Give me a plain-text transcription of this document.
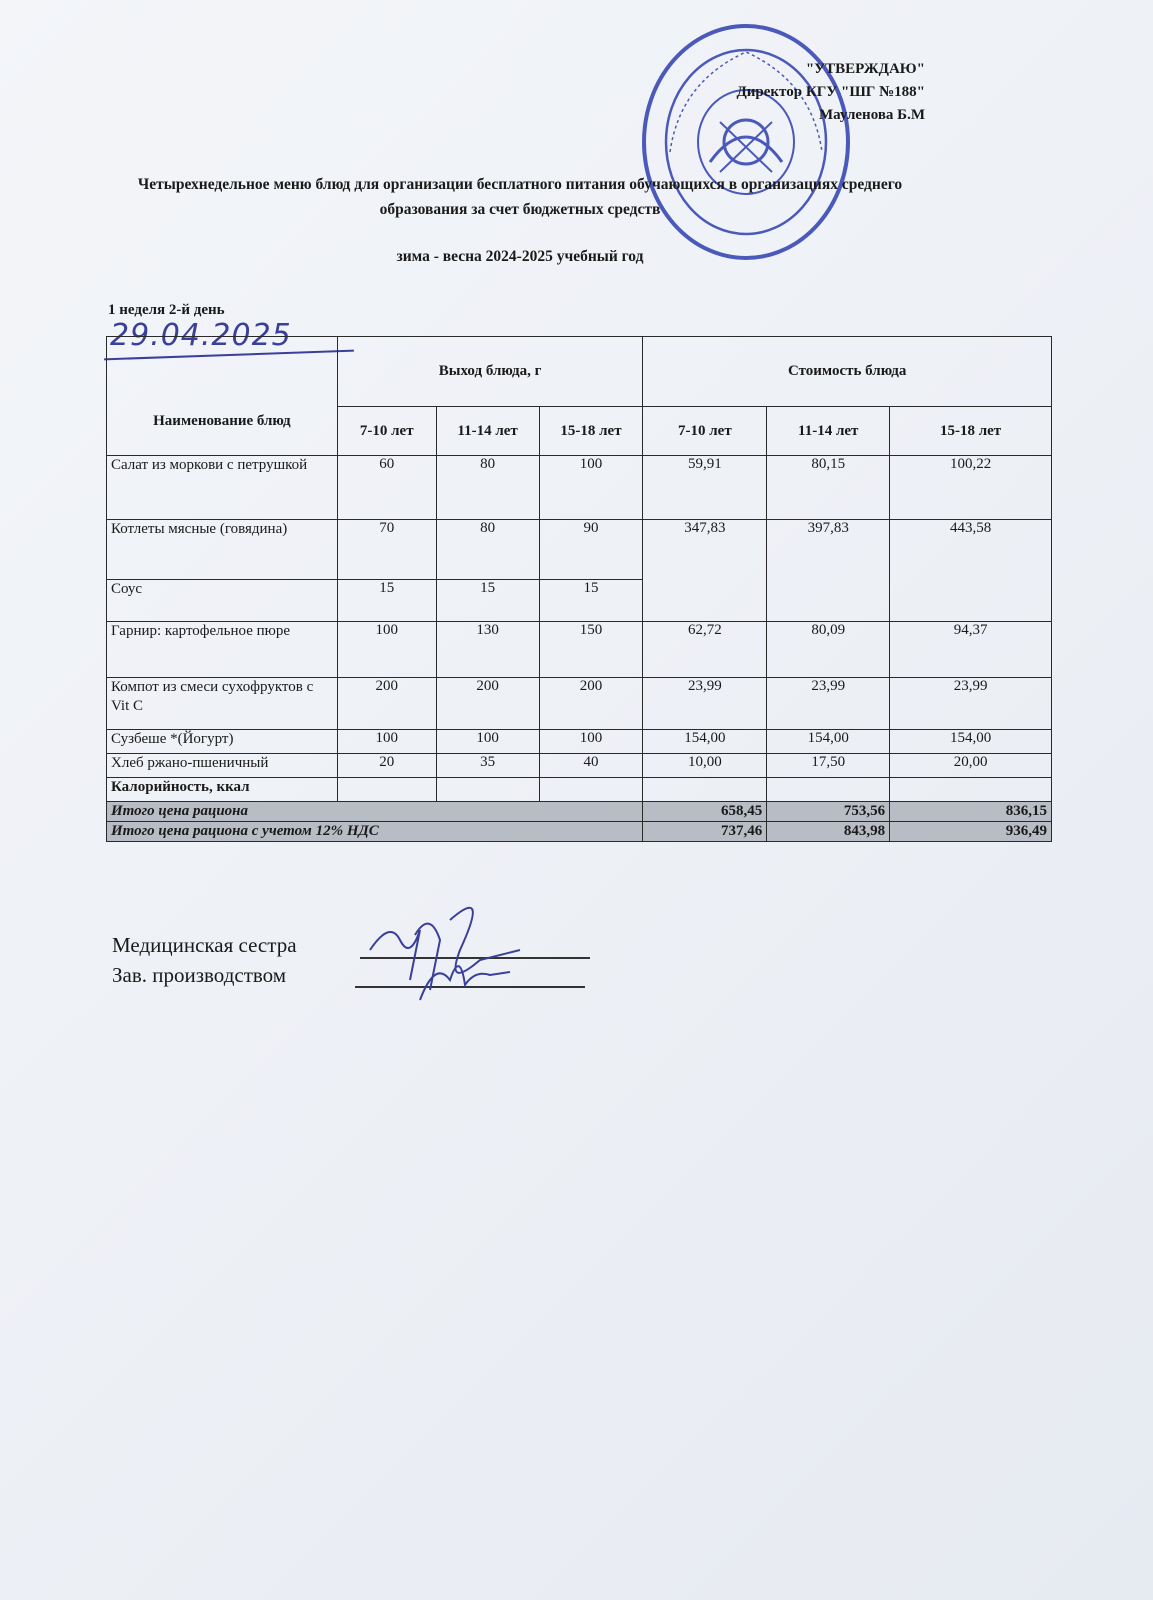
"УТВЕРЖДАЮ"
Директор КГУ "ШГ №188"
Мауленова Б.М
Четырехнедельное меню блюд для организации бесплатного питания обучающихся в организациях среднего образования за счет бюджетных средств
зима - весна 2024-2025 учебный год
1 неделя 2-й день
29.04.2025
Наименование блюд	Выход блюда, г			Стоимость блюда		
	7-10 лет	11-14 лет	15-18 лет	7-10 лет	11-14 лет	15-18 лет
Салат из моркови с петрушкой	60	80	100	59,91	80,15	100,22
Котлеты мясные (говядина)	70	80	90	347,83	397,83	443,58
Соус	15	15	15			
Гарнир: картофельное пюре	100	130	150	62,72	80,09	94,37
Компот из смеси сухофруктов с Vit C	200	200	200	23,99	23,99	23,99
Сузбеше *(Йогурт)	100	100	100	154,00	154,00	154,00
Хлеб ржано-пшеничный	20	35	40	10,00	17,50	20,00
Калорийность, ккал						
Итого цена рациона				658,45	753,56	836,15
Итого цена рациона с учетом 12% НДС				737,46	843,98	936,49
Медицинская сестра
Зав. производством
